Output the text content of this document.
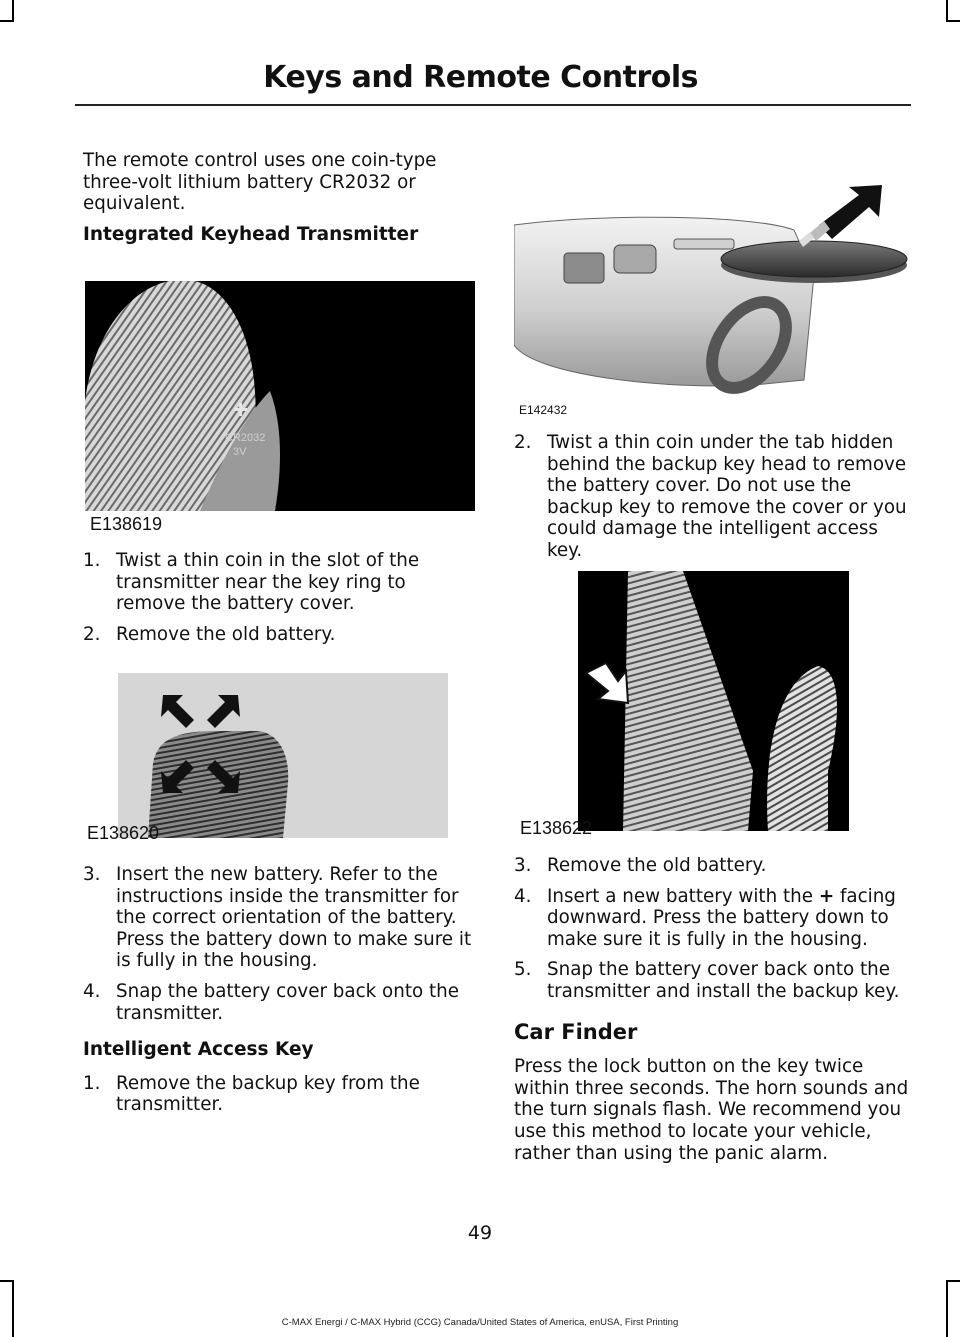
Keys and Remote Controls

The remote control uses one coin-type three-volt lithium battery CR2032 or equivalent.

Integrated Keyhead Transmitter

+
CR2032
3V
E138619
1. Twist a thin coin in the slot of the transmitter near the key ring to remove the battery cover.
2. Remove the old battery.
E138620
3. Insert the new battery. Refer to the instructions inside the transmitter for the correct orientation of the battery. Press the battery down to make sure it is fully in the housing.
4. Snap the battery cover back onto the transmitter.

Intelligent Access Key

1. Remove the backup key from the transmitter.
E142432
2. Twist a thin coin under the tab hidden behind the backup key head to remove the battery cover. Do not use the backup key to remove the cover or you could damage the intelligent access key.
E138622
3. Remove the old battery.
4. Insert a new battery with the + facing downward. Press the battery down to make sure it is fully in the housing.
5. Snap the battery cover back onto the transmitter and install the backup key.

Car Finder

Press the lock button on the key twice within three seconds. The horn sounds and the turn signals flash. We recommend you use this method to locate your vehicle, rather than using the panic alarm.

49
C-MAX Energi / C-MAX Hybrid (CCG) Canada/United States of America, enUSA, First Printing
